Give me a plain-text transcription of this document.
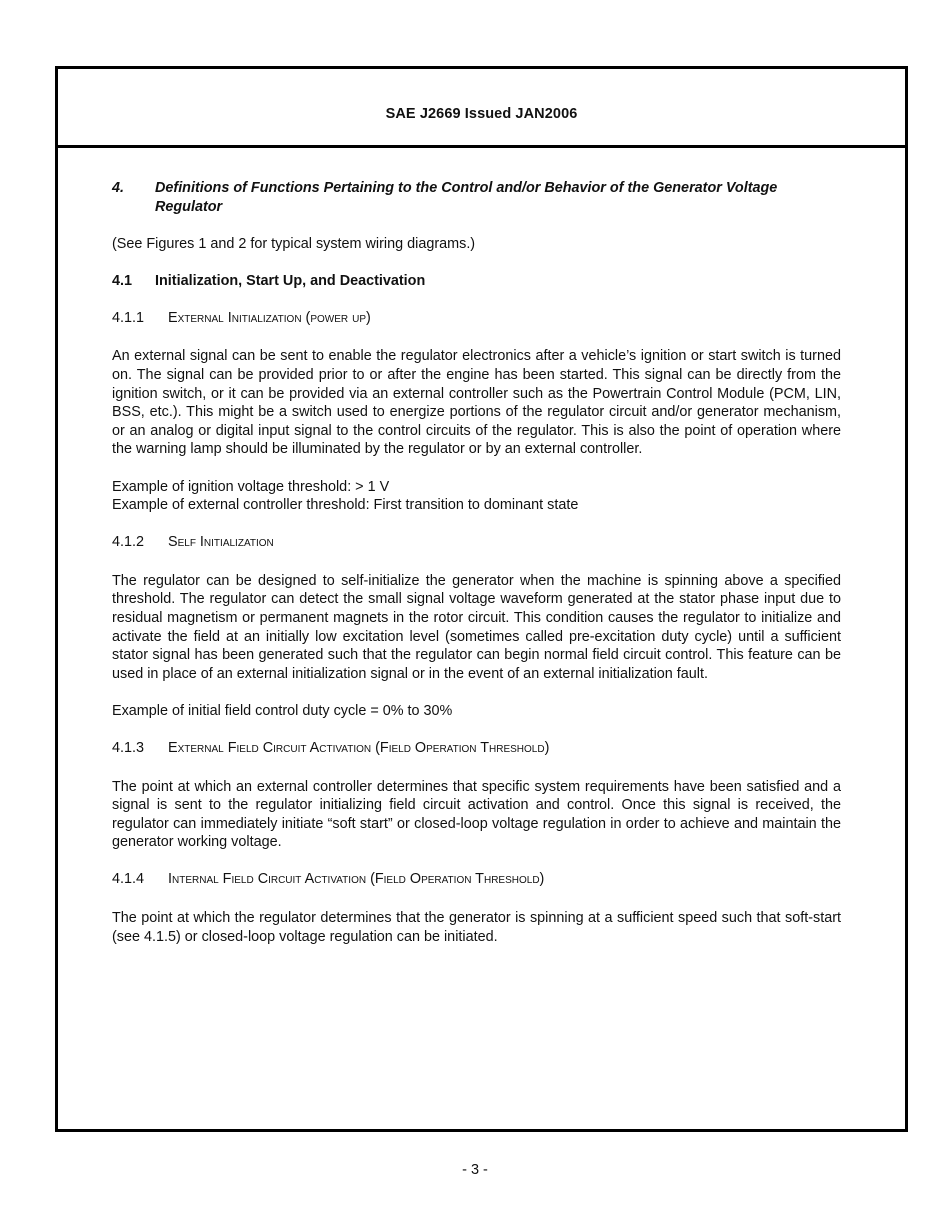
SAE J2669 Issued JAN2006
4.	Definitions of Functions Pertaining to the Control and/or Behavior of the Generator Voltage Regulator

(See Figures 1 and 2 for typical system wiring diagrams.)

4.1	Initialization, Start Up, and Deactivation
4.1.1	External Initialization (power up)

An external signal can be sent to enable the regulator electronics after a vehicle’s ignition or start switch is turned on. The signal can be provided prior to or after the engine has been started. This signal can be directly from the ignition switch, or it can be provided via an external controller such as the Powertrain Control Module (PCM, LIN, BSS, etc.). This might be a switch used to energize portions of the regulator circuit and/or generator mechanism, or an analog or digital input signal to the control circuits of the regulator. This is also the point of operation where the warning lamp should be illuminated by the regulator or by an external controller.

Example of ignition voltage threshold: > 1 V

Example of external controller threshold: First transition to dominant state

4.1.2	Self Initialization

The regulator can be designed to self-initialize the generator when the machine is spinning above a specified threshold. The regulator can detect the small signal voltage waveform generated at the stator phase input due to residual magnetism or permanent magnets in the rotor circuit. This condition causes the regulator to initialize and activate the field at an initially low excitation level (sometimes called pre-excitation duty cycle) until a sufficient stator signal has been generated such that the regulator can begin normal field circuit control. This feature can be used in place of an external initialization signal or in the event of an external initialization fault.

Example of initial field control duty cycle = 0% to 30%

4.1.3	External Field Circuit Activation (Field Operation Threshold)

The point at which an external controller determines that specific system requirements have been satisfied and a signal is sent to the regulator initializing field circuit activation and control. Once this signal is received, the regulator can immediately initiate “soft start” or closed-loop voltage regulation in order to achieve and maintain the generator working voltage.

4.1.4	Internal Field Circuit Activation (Field Operation Threshold)

The point at which the regulator determines that the generator is spinning at a sufficient speed such that soft-start (see 4.1.5) or closed-loop voltage regulation can be initiated.

- 3 -
